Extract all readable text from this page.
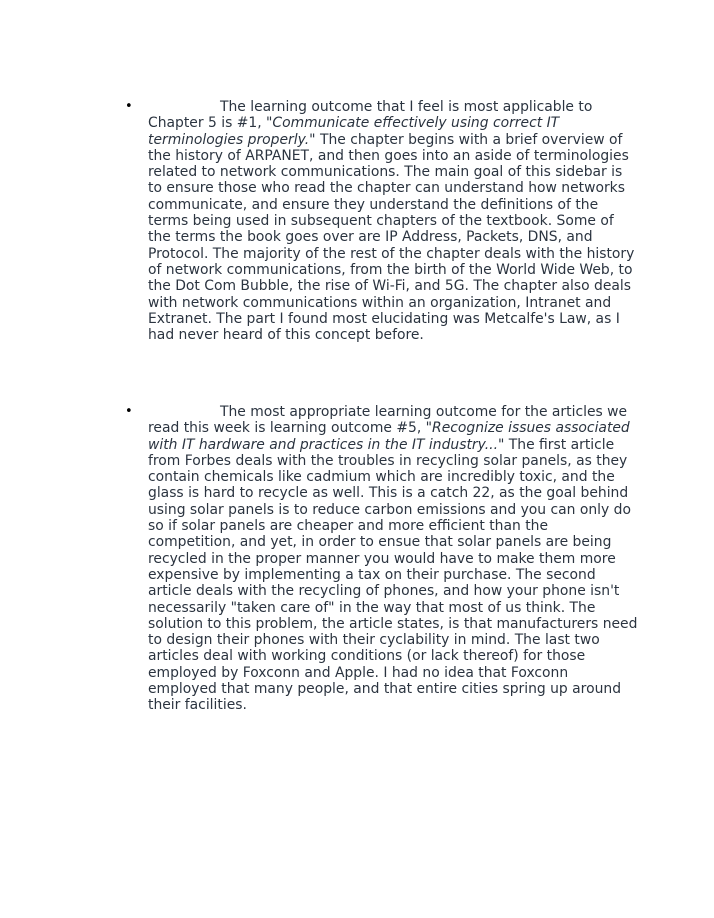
•	The learning outcome that I feel is most applicable to Chapter 5 is #1, "Communicate eﬀectively using correct IT terminologies properly." The chapter begins with a brief overview of the history of ARPANET, and then goes into an aside of terminologies related to network communications. The main goal of this sidebar is to ensure those who read the chapter can understand how networks communicate, and ensure they understand the definitions of the terms being used in subsequent chapters of the textbook. Some of the terms the book goes over are IP Address, Packets, DNS, and Protocol. The majority of the rest of the chapter deals with the history of network communications, from the birth of the World Wide Web, to the Dot Com Bubble, the rise of Wi-Fi, and 5G. The chapter also deals with network communications within an organization, Intranet and Extranet. The part I found most elucidating was Metcalfe's Law, as I had never heard of this concept before.

•	The most appropriate learning outcome for the articles we read this week is learning outcome #5, "Recognize issues associated with IT hardware and practices in the IT industry..." The first article from Forbes deals with the troubles in recycling solar panels, as they contain chemicals like cadmium which are incredibly toxic, and the glass is hard to recycle as well. This is a catch 22, as the goal behind using solar panels is to reduce carbon emissions and you can only do so if solar panels are cheaper and more efficient than the competition, and yet, in order to ensue that solar panels are being recycled in the proper manner you would have to make them more expensive by implementing a tax on their purchase. The second article deals with the recycling of phones, and how your phone isn't necessarily "taken care of" in the way that most of us think. The solution to this problem, the article states, is that manufacturers need to design their phones with their cyclability in mind. The last two articles deal with working conditions (or lack thereof) for those employed by Foxconn and Apple. I had no idea that Foxconn employed that many people, and that entire cities spring up around their facilities.
